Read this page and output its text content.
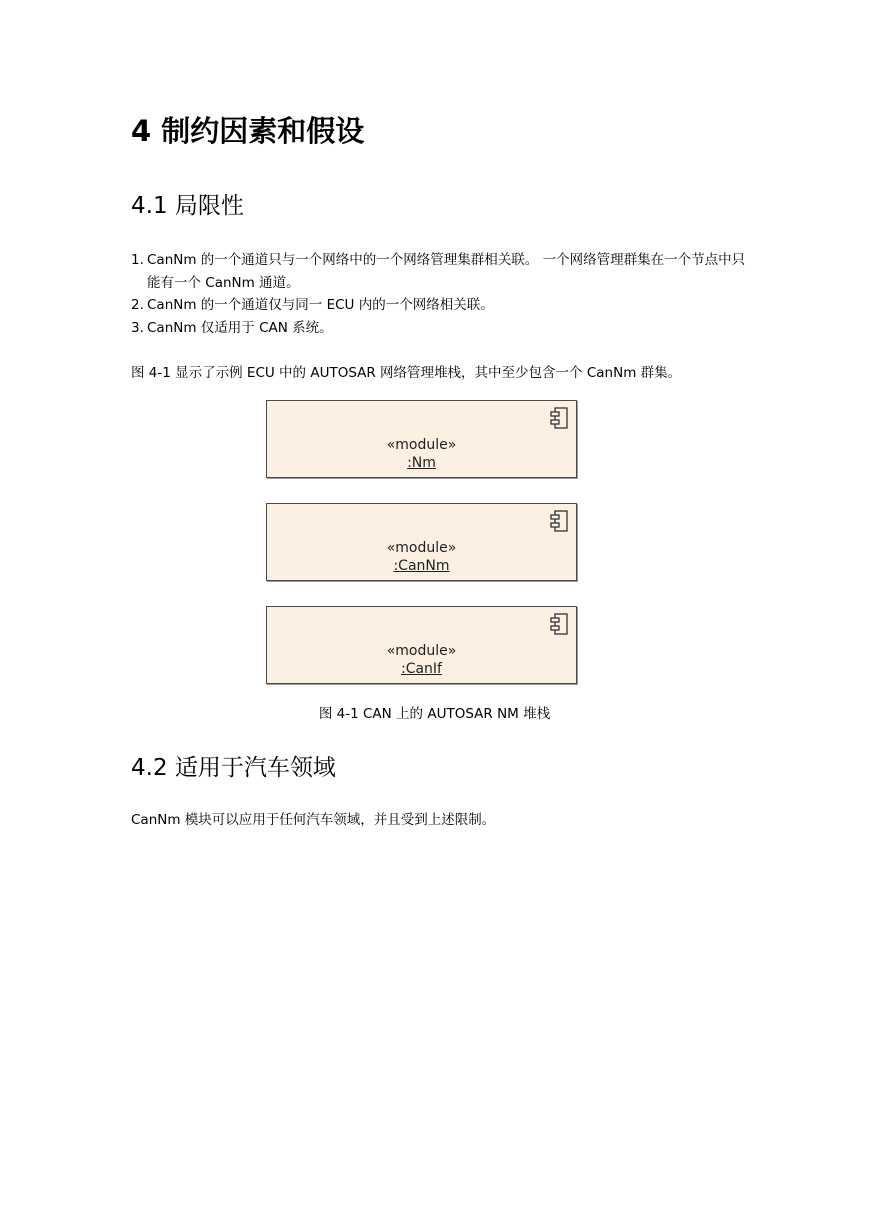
4 制约因素和假设
4.1 局限性
1. CanNm 的一个通道只与一个网络中的一个网络管理集群相关联。 一个网络管理群集在一个节点中只能有一个 CanNm 通道。
2. CanNm 的一个通道仅与同一 ECU 内的一个网络相关联。
3. CanNm 仅适用于 CAN 系统。
图 4-1 显示了示例 ECU 中的 AUTOSAR 网络管理堆栈，其中至少包含一个 CanNm 群集。
«module»
:Nm
«module»
:CanNm
«module»
:CanIf
图 4-1 CAN 上的 AUTOSAR NM 堆栈
4.2 适用于汽车领域
CanNm 模块可以应用于任何汽车领域，并且受到上述限制。
